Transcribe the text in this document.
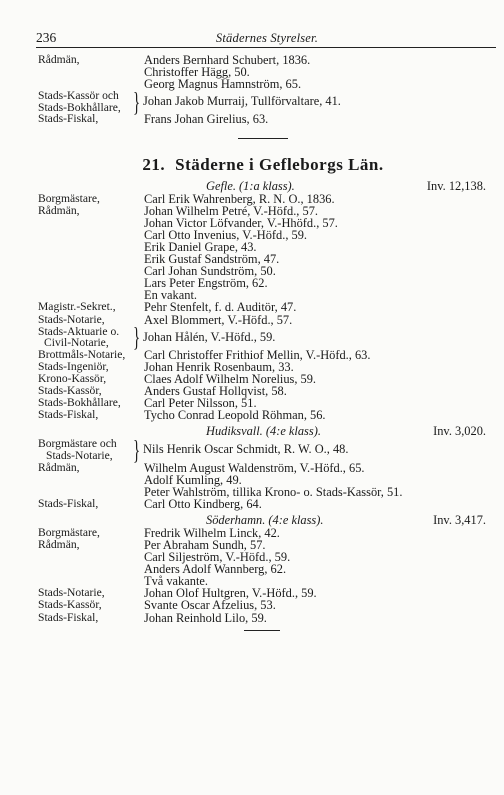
236	Städernes Styrelser.
Rådmän,	Anders Bernhard Schubert, 1836.
Christoffer Hägg, 50.
Georg Magnus Hamnström, 65.
Stads-Kassör och
Stads-Bokhållare, } Johan Jakob Murraij, Tullförvaltare, 41.
Stads-Fiskal,	Frans Johan Girelius, 63.
21. Städerne i Gefleborgs Län.
Gefle. (1:a klass).	Inv. 12,138.
Borgmästare,	Carl Erik Wahrenberg, R. N. O., 1836.
Rådmän,	Johan Wilhelm Petré, V.-Höfd., 57.
Johan Victor Löfvander, V.-Hhöfd., 57.
Carl Otto Invenius, V.-Höfd., 59.
Erik Daniel Grape, 43.
Erik Gustaf Sandström, 47.
Carl Johan Sundström, 50.
Lars Peter Engström, 62.
En vakant.
Magistr.-Sekret.,	Pehr Stenfelt, f. d. Auditör, 47.
Stads-Notarie,	Axel Blommert, V.-Höfd., 57.
Stads-Aktuarie o.
Civil-Notarie, } Johan Hålén, V.-Höfd., 59.
Brottmåls-Notarie,	Carl Christoffer Frithiof Mellin, V.-Höfd., 63.
Stads-Ingeniör,	Johan Henrik Rosenbaum, 33.
Krono-Kassör,	Claes Adolf Wilhelm Norelius, 59.
Stads-Kassör,	Anders Gustaf Hollqvist, 58.
Stads-Bokhållare,	Carl Peter Nilsson, 51.
Stads-Fiskal,	Tycho Conrad Leopold Röhman, 56.
Hudiksvall. (4:e klass).	Inv. 3,020.
Borgmästare och
Stads-Notarie, } Nils Henrik Oscar Schmidt, R. W. O., 48.
Rådmän,	Wilhelm August Waldenström, V.-Höfd., 65.
Adolf Kumling, 49.
Peter Wahlström, tillika Krono- o. Stads-Kassör, 51.
Stads-Fiskal,	Carl Otto Kindberg, 64.
Söderhamn. (4:e klass).	Inv. 3,417.
Borgmästare,	Fredrik Wilhelm Linck, 42.
Rådmän,	Per Abraham Sundh, 57.
Carl Siljeström, V.-Höfd., 59.
Anders Adolf Wannberg, 62.
Två vakante.
Stads-Notarie,	Johan Olof Hultgren, V.-Höfd., 59.
Stads-Kassör,	Svante Oscar Afzelius, 53.
Stads-Fiskal,	Johan Reinhold Lilo, 59.
